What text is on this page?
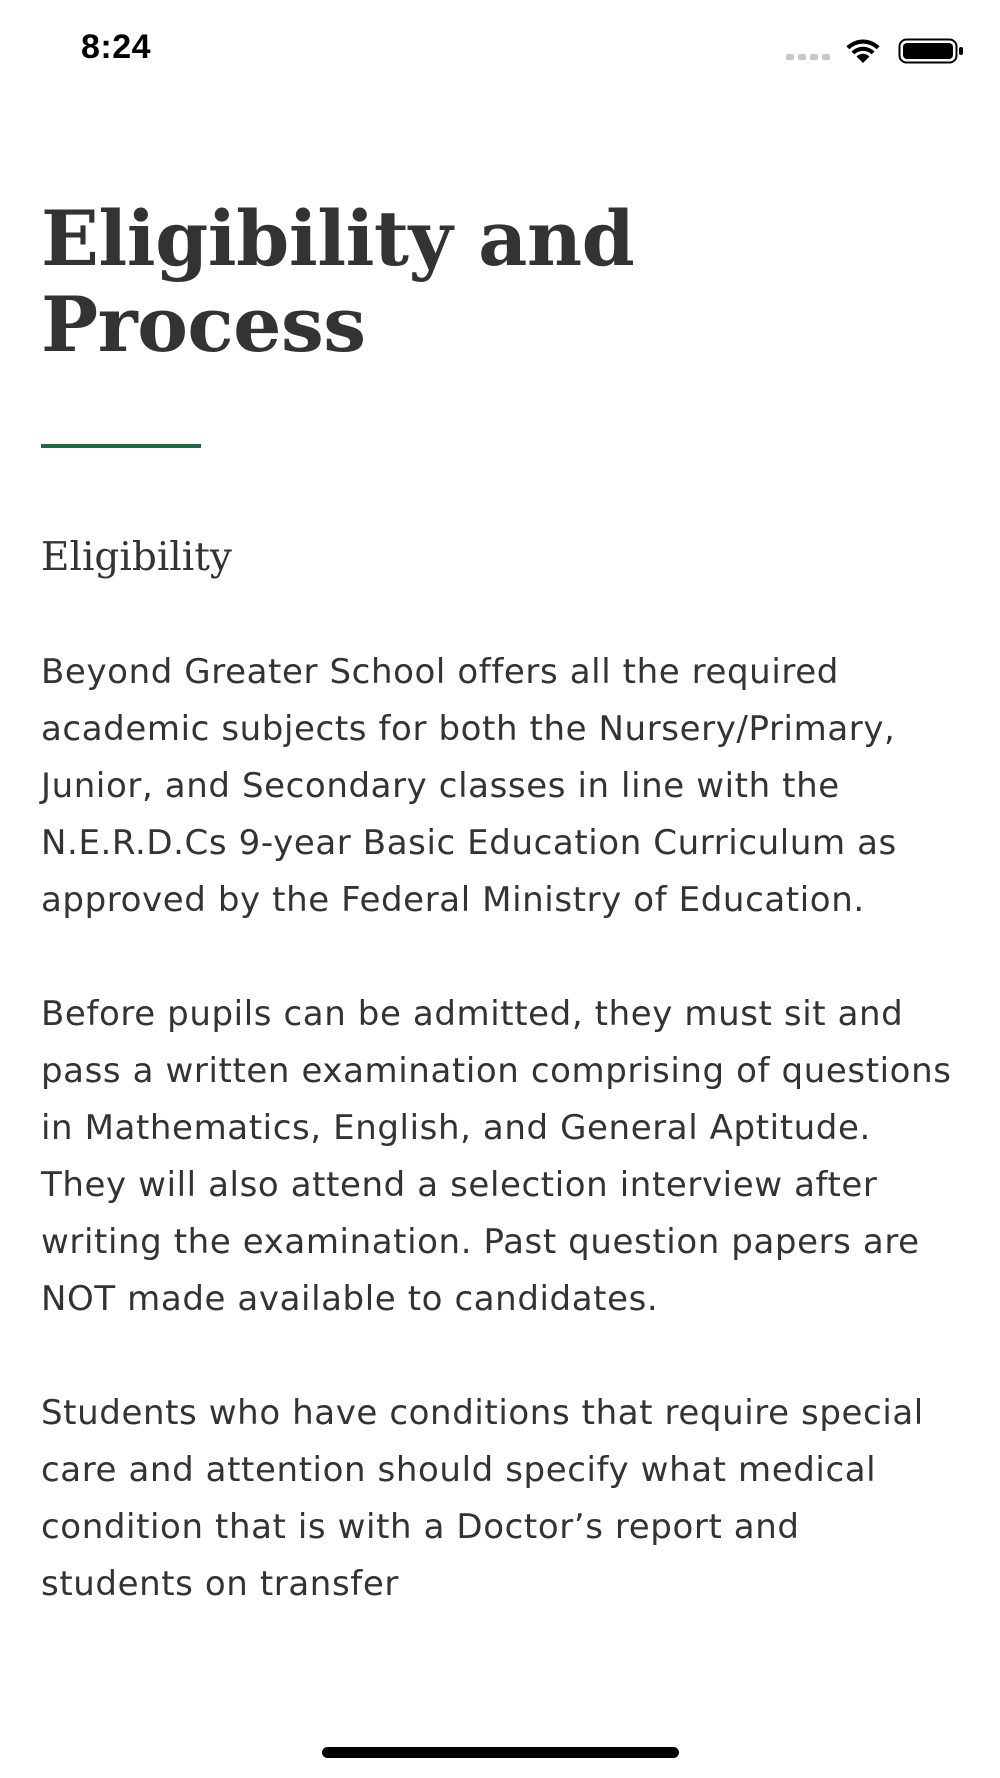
8:24
Eligibility and Process
Eligibility

Beyond Greater School offers all the required academic subjects for both the Nursery/Primary, Junior, and Secondary classes in line with the N.E.R.D.Cs 9-year Basic Education Curriculum as approved by the Federal Ministry of Education.

Before pupils can be admitted, they must sit and pass a written examination comprising of questions in Mathematics, English, and General Aptitude. They will also attend a selection interview after writing the examination. Past question papers are NOT made available to candidates.

Students who have conditions that require special care and attention should specify what medical condition that is with a Doctor’s report and students on transfer
